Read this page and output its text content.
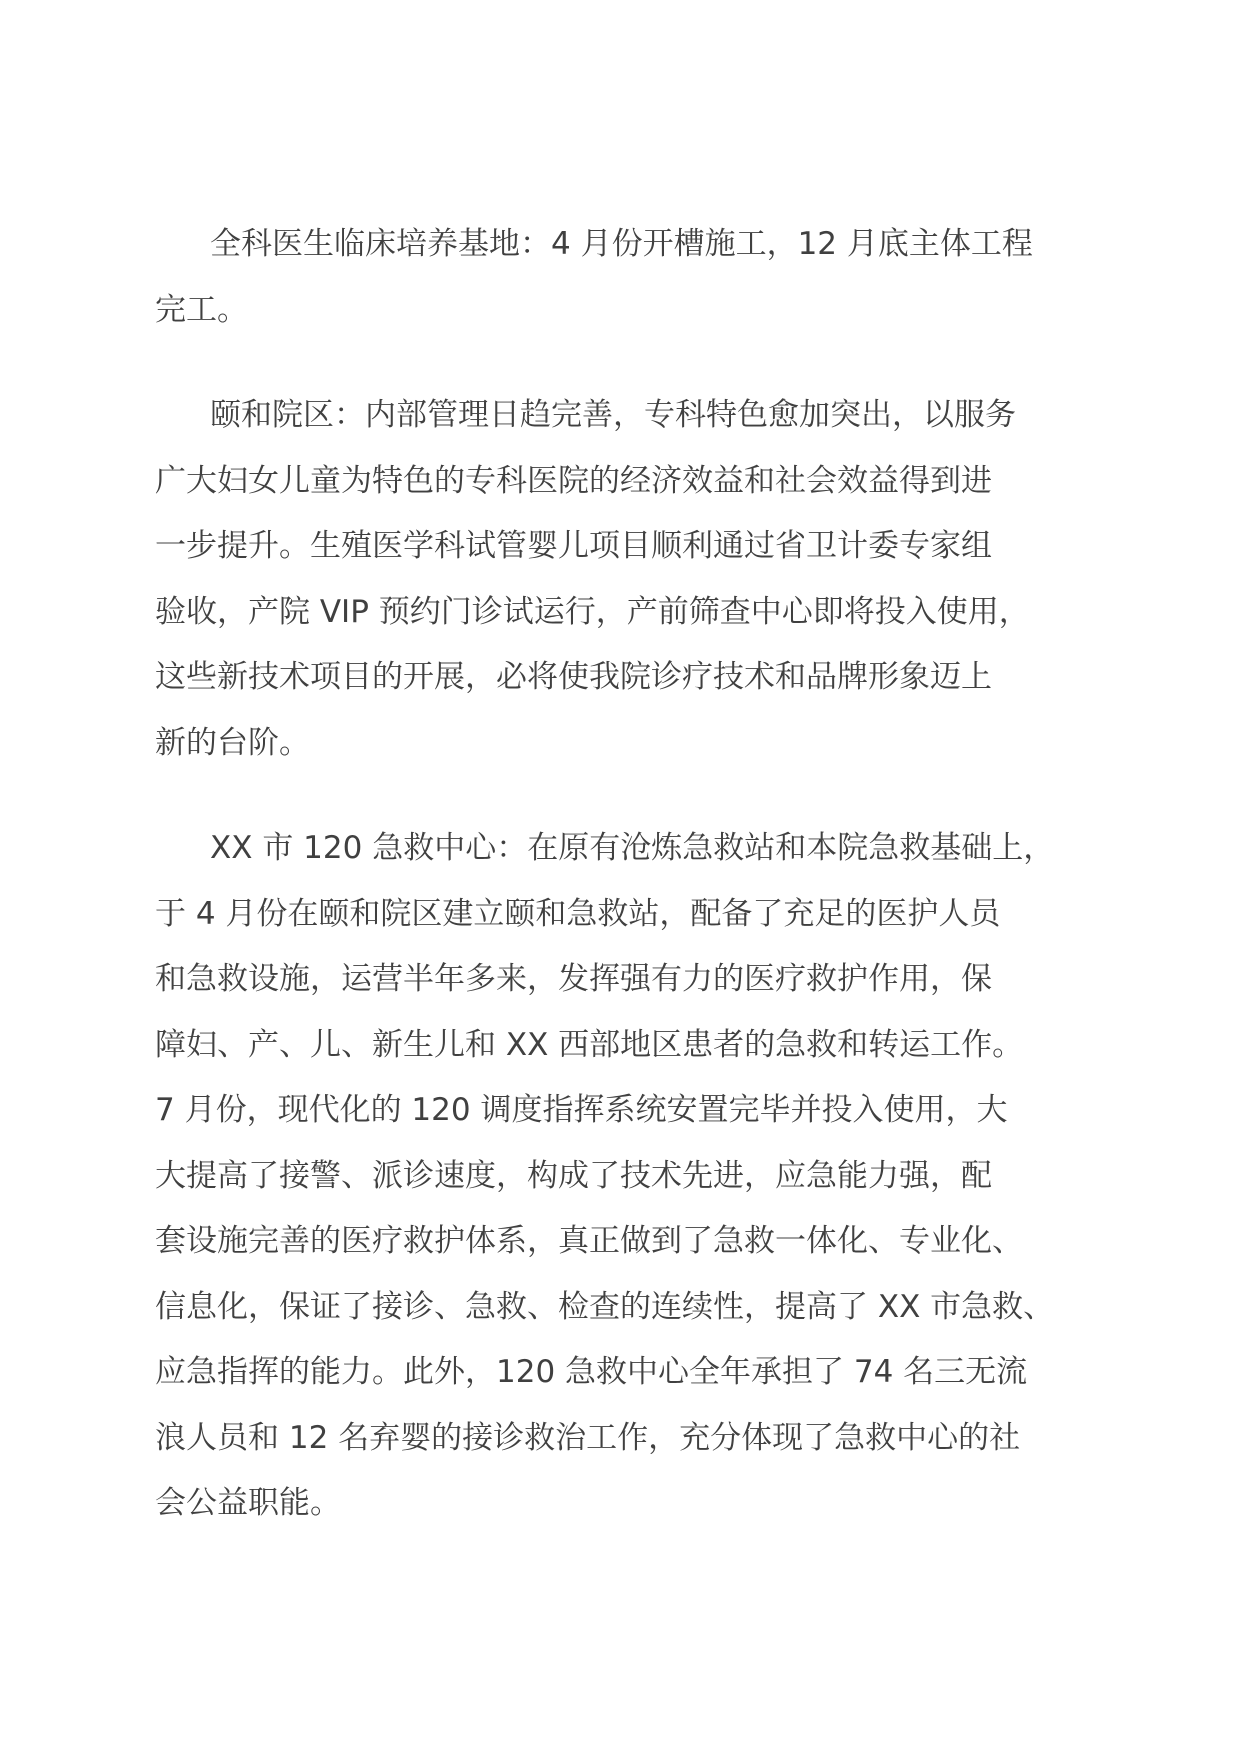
全科医生临床培养基地：4 月份开槽施工，12 月底主体工程
完工。

颐和院区：内部管理日趋完善，专科特色愈加突出，以服务
广大妇女儿童为特色的专科医院的经济效益和社会效益得到进
一步提升。生殖医学科试管婴儿项目顺利通过省卫计委专家组
验收，产院 VIP 预约门诊试运行，产前筛查中心即将投入使用，
这些新技术项目的开展，必将使我院诊疗技术和品牌形象迈上
新的台阶。

XX 市 120 急救中心：在原有沧炼急救站和本院急救基础上，
于 4 月份在颐和院区建立颐和急救站，配备了充足的医护人员
和急救设施，运营半年多来，发挥强有力的医疗救护作用，保
障妇、产、儿、新生儿和 XX 西部地区患者的急救和转运工作。
7 月份，现代化的 120 调度指挥系统安置完毕并投入使用，大
大提高了接警、派诊速度，构成了技术先进，应急能力强，配
套设施完善的医疗救护体系，真正做到了急救一体化、专业化、
信息化，保证了接诊、急救、检查的连续性，提高了 XX 市急救、
应急指挥的能力。此外，120 急救中心全年承担了 74 名三无流
浪人员和 12 名弃婴的接诊救治工作，充分体现了急救中心的社
会公益职能。
